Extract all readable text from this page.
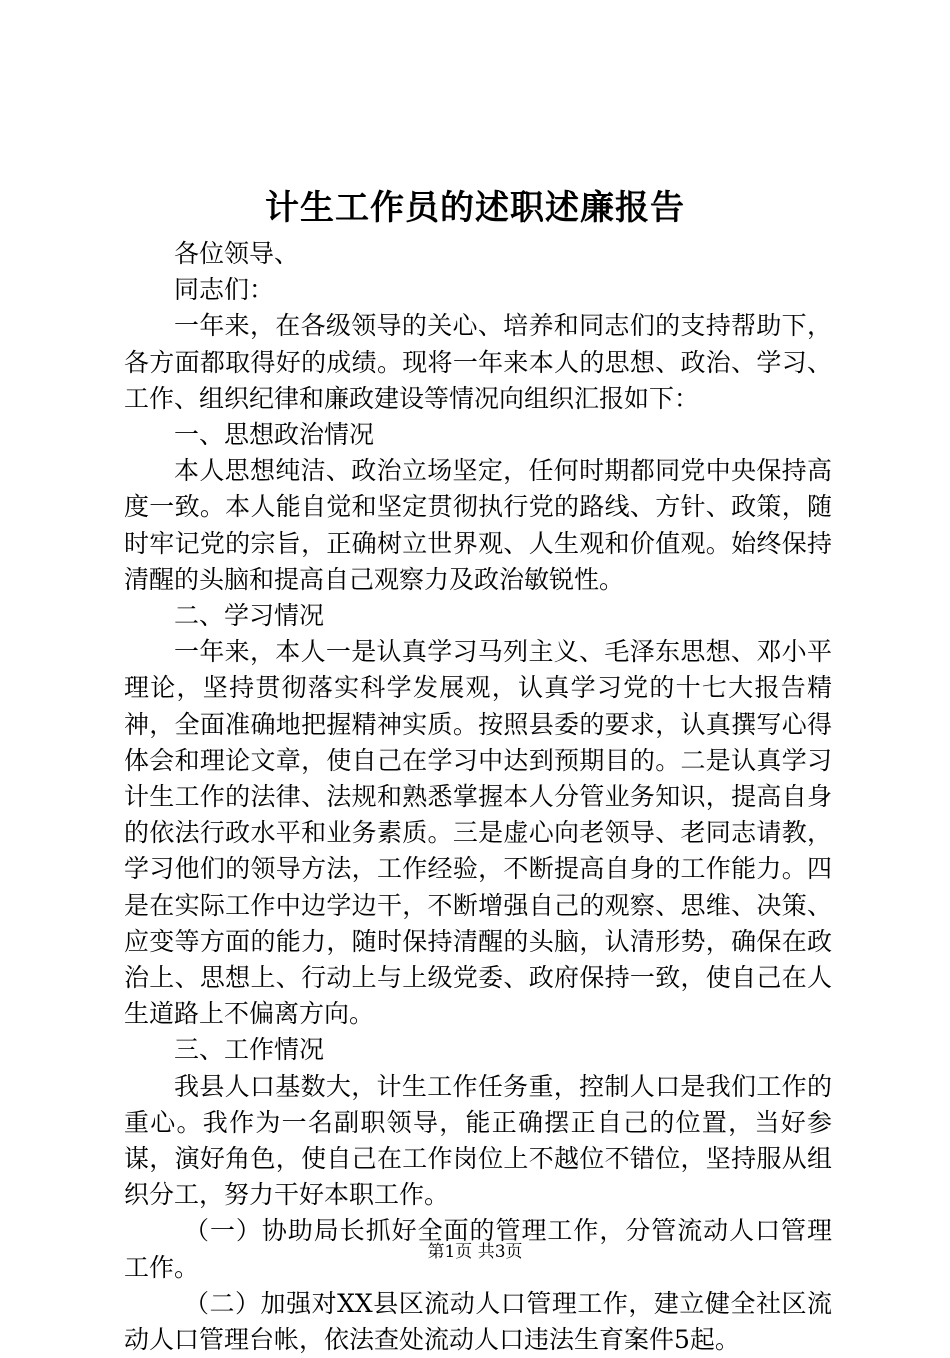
计生工作员的述职述廉报告

各位领导、

同志们：

一年来，在各级领导的关心、培养和同志们的支持帮助下，各方面都取得好的成绩。现将一年来本人的思想、政治、学习、工作、组织纪律和廉政建设等情况向组织汇报如下：

一、思想政治情况

本人思想纯洁、政治立场坚定，任何时期都同党中央保持高度一致。本人能自觉和坚定贯彻执行党的路线、方针、政策，随时牢记党的宗旨，正确树立世界观、人生观和价值观。始终保持清醒的头脑和提高自己观察力及政治敏锐性。

二、学习情况

一年来，本人一是认真学习马列主义、毛泽东思想、邓小平理论，坚持贯彻落实科学发展观，认真学习党的十七大报告精神，全面准确地把握精神实质。按照县委的要求，认真撰写心得体会和理论文章，使自己在学习中达到预期目的。二是认真学习计生工作的法律、法规和熟悉掌握本人分管业务知识，提高自身的依法行政水平和业务素质。三是虚心向老领导、老同志请教，学习他们的领导方法，工作经验，不断提高自身的工作能力。四是在实际工作中边学边干，不断增强自己的观察、思维、决策、应变等方面的能力，随时保持清醒的头脑，认清形势，确保在政治上、思想上、行动上与上级党委、政府保持一致，使自己在人生道路上不偏离方向。

三、工作情况

我县人口基数大，计生工作任务重，控制人口是我们工作的重心。我作为一名副职领导，能正确摆正自己的位置，当好参谋，演好角色，使自己在工作岗位上不越位不错位，坚持服从组织分工，努力干好本职工作。

（一）协助局长抓好全面的管理工作，分管流动人口管理工作。

（二）加强对XX县区流动人口管理工作，建立健全社区流动人口管理台帐，依法查处流动人口违法生育案件5起。

第1页 共3页
